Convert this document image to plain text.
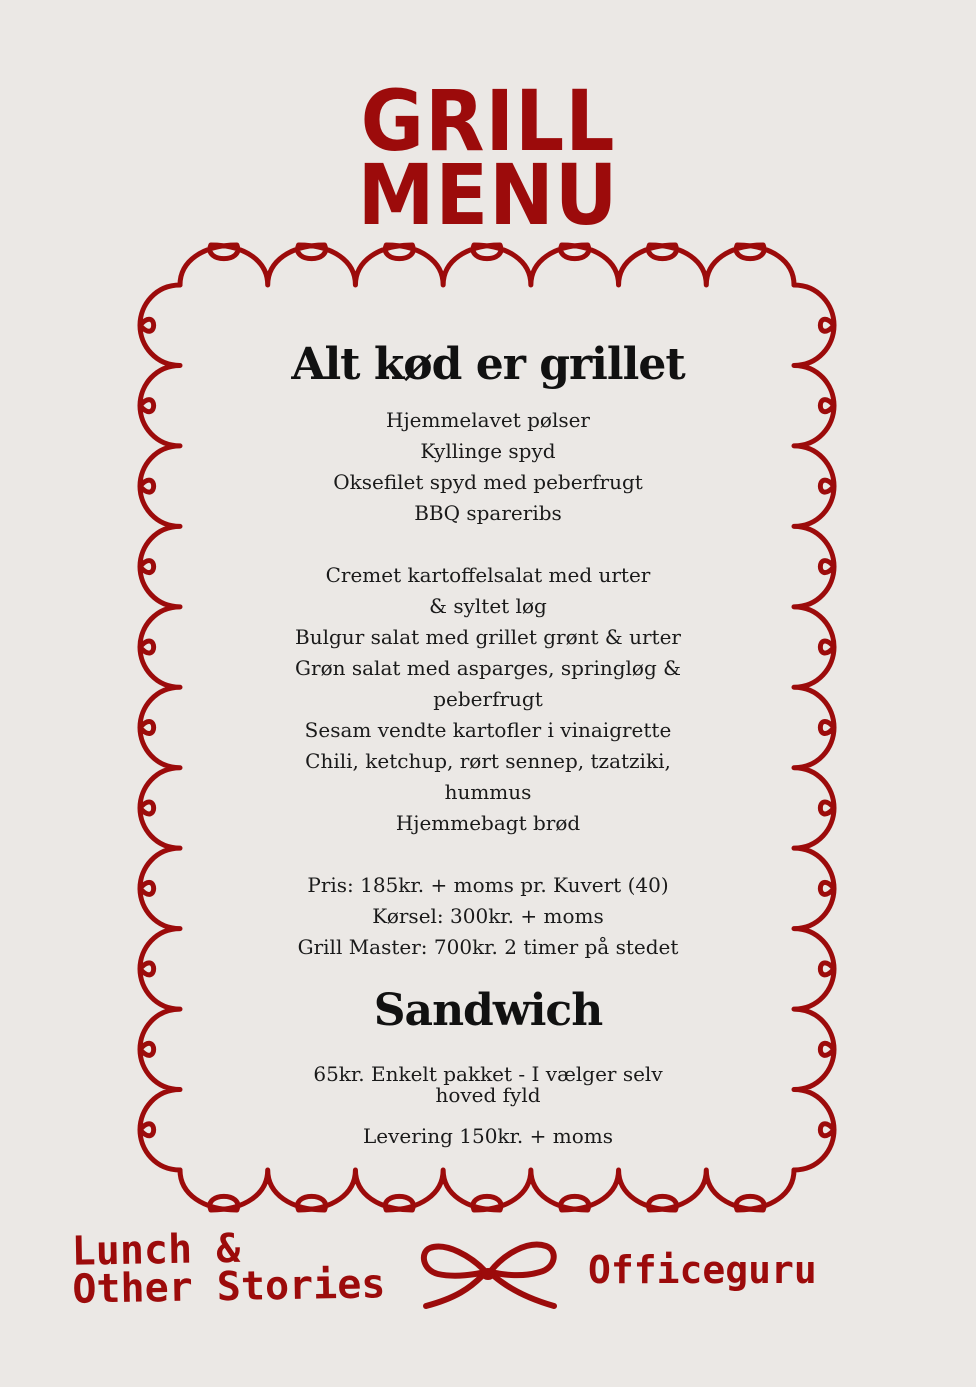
GRILL
MENU
Alt kød er grillet
Hjemmelavet pølser
Kyllinge spyd
Oksefilet spyd med peberfrugt
BBQ spareribs
Cremet kartoffelsalat med urter
& syltet løg
Bulgur salat med grillet grønt & urter
Grøn salat med asparges, springløg &
peberfrugt
Sesam vendte kartofler i vinaigrette
Chili, ketchup, rørt sennep, tzatziki,
hummus
Hjemmebagt brød
Pris: 185kr. + moms pr. Kuvert (40)
Kørsel: 300kr. + moms
Grill Master: 700kr. 2 timer på stedet
Sandwich
65kr. Enkelt pakket - I vælger selv
hoved fyld
Levering 150kr. + moms
Lunch &
Other Stories	Officeguru
